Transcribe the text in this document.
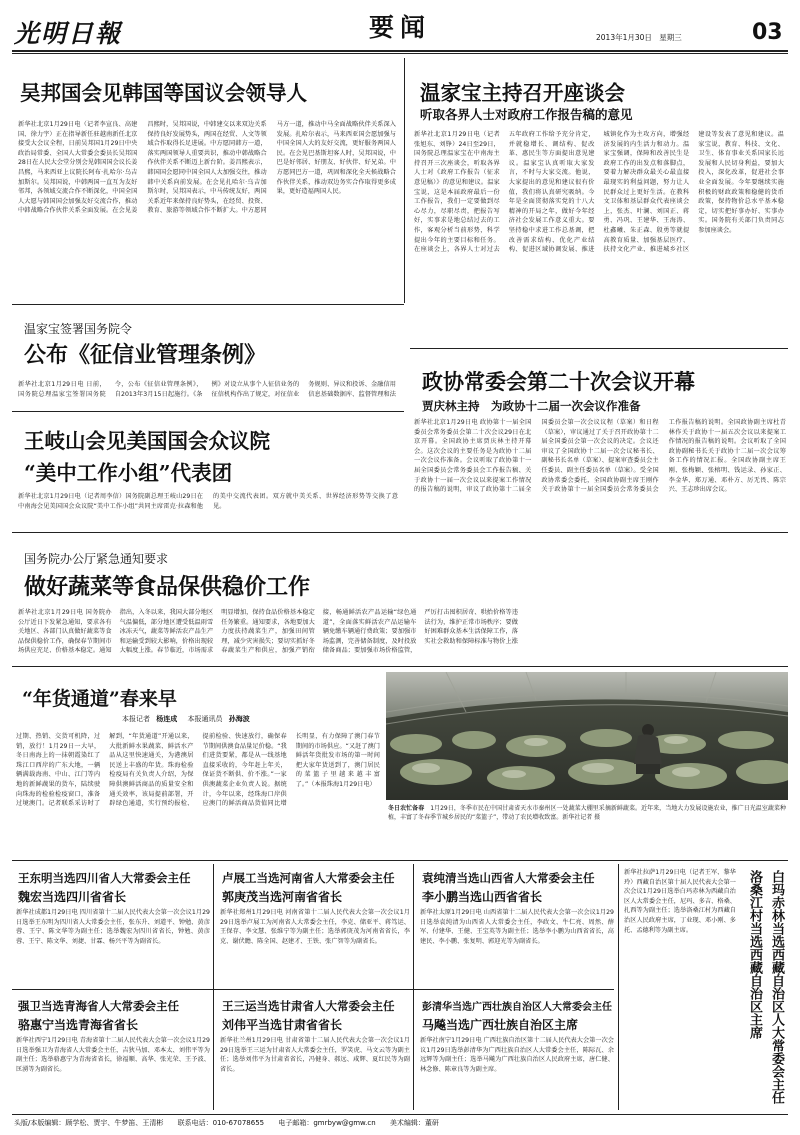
光明日報	要闻	2013年1月30日 星期三	03
吴邦国会见韩国等国议会领导人
新华社北京1月29日电（记者李宣良、高建国、徐力宇）正在指导新任驻越南新任北京接受大会议全程，日前吴邦国1月29日中央政治局常委、全国人大常委会委员长吴邦国28日在人民大会堂分别会见韩国国会议长姜昌熙，马来西亚上议院长阿布·扎哈尔·乌吉加斯尔。吴邦国说，中韩两国一直互为友好邻邦，各领域交流合作不断深化，中国全国人大愿与韩国国会加强友好交流合作，推动中韩战略合作伙伴关系全面发展。在会见姜昌熙时，吴邦国说，中韩建交以来双边关系保持良好发展势头，两国在经贸、人文等领域合作取得长足进展。中方愿同韩方一道，落实两国领导人重要共识，推动中韩战略合作伙伴关系不断迈上新台阶。姜昌熙表示，韩国国会愿同中国全国人大加强交往，推动韩中关系向前发展。在会见扎哈尔·乌吉加斯尔时，吴邦国表示，中马传统友好，两国关系近年来保持良好势头，在经贸、投资、教育、旅游等领域合作不断扩大。中方愿同马方一道，推动中马全面战略伙伴关系深入发展。扎哈尔表示，马来西亚国会愿加强与中国全国人大的友好交流，更好服务两国人民。在会见巴基斯坦客人时，吴邦国说，中巴是好邻居、好朋友、好伙伴、好兄弟。中方愿同巴方一道，巩固和深化全天候战略合作伙伴关系，推动双边务实合作取得更多成果，更好造福两国人民。
温家宝主持召开座谈会
听取各界人士对政府工作报告稿的意见
新华社北京1月29日电（记者张旭东、刘铮）24日至29日，国务院总理温家宝在中南海主持召开三次座谈会，听取各界人士对《政府工作报告（征求意见稿）》的意见和建议。温家宝说，这是本届政府最后一份工作报告，我们一定要做到尽心尽力，尽职尽责，把报告写好，实事求是地总结过去的工作，客观分析当前形势，科学提出今年的主要目标和任务。在座谈会上，各界人士对过去五年政府工作给予充分肯定，并就稳增长、调结构、促改革、惠民生等方面提出意见建议。温家宝认真听取大家发言，不时与大家交流。他说，大家提出的意见和建议很有价值，我们将认真研究吸纳。今年是全面贯彻落实党的十八大精神的开局之年，做好今年经济社会发展工作意义重大。要坚持稳中求进工作总基调，把改善需求结构、优化产业结构、促进区域协调发展、推进城镇化作为主攻方向，增强经济发展的内生活力和动力。温家宝强调，保障和改善民生是政府工作的出发点和落脚点，要着力解决群众最关心最直接最现实的利益问题，努力让人民群众过上更好生活。在教科文卫体和基层群众代表座谈会上，张杰、叶澜、刘国正、蒋勇、冯巩、王建华、王海涛、杜鑫曦、朱正森、殷勇等就提高教育质量、加强基层医疗、扶持文化产业、推进城乡社区建设等发表了意见和建议。温家宝说，教育、科技、文化、卫生、体育事业关系国家长远发展和人民切身利益，要加大投入，深化改革，促进社会事业全面发展。今年要继续实施积极的财政政策和稳健的货币政策，保持物价总水平基本稳定，切实把好事办好、实事办实。国务院有关部门负责同志参加座谈会。
温家宝签署国务院令
公布《征信业管理条例》
新华社北京1月29日电 日前，国务院总理温家宝签署国务院令，公布《征信业管理条例》，自2013年3月15日起施行。《条例》对设立从事个人征信业务的征信机构作出了规定，对征信业务规则、异议和投诉、金融信用信息基础数据库、监督管理和法
政协常委会第二十次会议开幕
贾庆林主持　为政协十二届一次会议作准备
王岐山会见美国国会众议院
“美中工作小组”代表团
新华社北京1月29日电（记者周李信）国务院副总理王岐山29日在中南海会见美国国会众议院“美中工作小组”共同主席雷克·拉森和他的美中交流代表团。双方就中美关系、世界经济形势等交换了意见。
新华社北京1月29日电 政协第十一届全国委员会常务委员会第二十次会议29日在北京开幕。全国政协主席贾庆林主持开幕会。这次会议的主要任务是为政协十二届一次会议作准备。会议听取了政协第十一届全国委员会常务委员会工作报告稿、关于政协十一届一次会议以来提案工作情况的报告稿的说明，审议了政协第十二届全国委员会第一次会议议程（草案）和日程（草案），审议通过了关于召开政协第十二届全国委员会第一次会议的决定。会议还审议了全国政协十二届一次会议秘书长、副秘书长名单（草案）、提案审查委员会主任委员、副主任委员名单（草案）。受全国政协常委会委托，全国政协副主席王刚作关于政协第十一届全国委员会常务委员会工作报告稿的说明。全国政协副主席杜青林作关于政协十一届五次会议以来提案工作情况的报告稿的说明。会议听取了全国政协副秘书长关于政协十二届一次会议筹备工作的情况汇报。全国政协副主席王刚、张梅颖、张榕明、钱运录、孙家正、李金华、郑万通、邓朴方、厉无畏、陈宗兴、王志珍出席会议。
国务院办公厅紧急通知要求
做好蔬菜等食品保供稳价工作
新华社北京1月29日电 国务院办公厅近日下发紧急通知，要求各有关地区、各部门认真做好蔬菜等食品保供稳价工作，确保春节期间市场供应充足、价格基本稳定。通知指出，入冬以来，我国大部分地区气温偏低，部分地区遭受低温雨雪冰冻天气，蔬菜等鲜活农产品生产和运输受到较大影响，价格出现较大幅度上涨。春节临近，市场需求明显增加，保持食品价格基本稳定任务繁重。通知要求，各地要加大力度扶持蔬菜生产，加强田间管理，减少灾害损失；要切实抓好冬春蔬菜生产和供应，加强产销衔接，畅通鲜活农产品运输“绿色通道”，全面落实鲜活农产品运输车辆免缴车辆通行费政策；要加强市场监测，完善储备制度，及时投放储备商品；要加强市场价格监管，严厉打击囤积居奇、哄抬价格等违法行为，维护正常市场秩序；要做好困难群众基本生活保障工作，落实社会救助和保障标准与物价上涨
“年货通道”春来早
本报记者 杨连成 本报通讯员 孙海波
过期、热销、交货可机降，过销，放行！1月29日一大早，冬日南海上的一抹朝霞染红了珠江口西岸的广东大地，一辆辆满载海南、中山、江门等内地的新鲜蔬果的货车，陆续驶向珠海的检验检疫窗口，准备过境澳门。记者联系采访时了解到，“年货通道”开通以来，大批新鲜水果蔬菜、鲜活水产品从这里快速通关，为港澳居民送上丰盛的年货。珠海检验检疫局有关负责人介绍，为保障供澳鲜活商品的质量安全和通关效率，该局提前部署，开辟绿色通道，实行预约报检、提前检验、快速放行，确保春节期间供澳食品量足价稳。“我们进货要紧，都是从一线基地直接采收的，今年赶上年关，保证货不断供、价不涨。”一家供澳蔬菜企业负责人说。据统计，今年以来，经珠海口岸供应澳门的鲜活商品货值同比增长明显，有力保障了澳门春节期间的市场供应。“又赶了澳门鲜活年货批发市场的第一时间把大家年货送到了，澳门居民的菜篮子里越来越丰富了。”（本报珠海1月29日电）
冬日农忙备春 1月29日，冬季市民在中国甘肃省天水市秦州区一处蔬菜大棚里采摘新鲜蔬菜。近年来，当地大力发展设施农业，推广日光温室蔬菜种植，丰富了冬春季节城乡居民的“菜篮子”，带动了农民增收致富。新华社记者 摄
王东明当选四川省人大常委会主任
魏宏当选四川省省长
新华社成都1月29日电 四川省第十二届人民代表大会第一次会议1月29日选举王东明为四川省人大常委会主任，张东升、刘道平、钟勉、黄彦蓉、王宁、陈文华等为副主任；选举魏宏为四川省省长，钟勉、黄彦蓉、王宁、陈文华、刘捷、甘霖、杨兴平等为副省长。
卢展工当选河南省人大常委会主任
郭庚茂当选河南省省长
新华社郑州1月29日电 河南省第十二届人民代表大会第一次会议1月29日选举卢展工为河南省人大常委会主任，李克、储亚平、蒋笃运、王保存、李文慧、张维宁等为副主任；选举郭庚茂为河南省省长，李克、谢伏瞻、陈全国、赵建才、王铁、张广智等为副省长。
袁纯清当选山西省人大常委会主任
李小鹏当选山西省省长
新华社太原1月29日电 山西省第十二届人民代表大会第一次会议1月29日选举袁纯清为山西省人大常委会主任，李政文、牛仁亮、周然、薛军、付建华、王健、王宝英等为副主任；选举李小鹏为山西省省长，高建民、李小鹏、张复明、郭迎光等为副省长。
强卫当选青海省人大常委会主任
骆惠宁当选青海省省长
新华社西宁1月29日电 青海省第十二届人民代表大会第一次会议1月29日选举强卫为青海省人大常委会主任，吉狄马加、邓本太、刘伟平等为副主任；选举骆惠宁为青海省省长，徐福顺、高华、张光荣、王予波、匡湧等为副省长。
王三运当选甘肃省人大常委会主任
刘伟平当选甘肃省省长
新华社兰州1月29日电 甘肃省第十二届人民代表大会第一次会议1月29日选举王三运为甘肃省人大常委会主任，罗笑虎、马文云等为副主任；选举刘伟平为甘肃省省长，冯健身、郝远、咸辉、夏红民等为副省长。
彭清华当选广西壮族自治区人大常委会主任
马飚当选广西壮族自治区主席
新华社南宁1月29日电 广西壮族自治区第十二届人民代表大会第一次会议1月29日选举彭清华为广西壮族自治区人大常委会主任，陈际瓦、余远辉等为副主任；选举马飚为广西壮族自治区人民政府主席，唐仁健、林念修、陈章良等为副主席。
新华社拉萨1月29日电（记者王军、黎华玲）西藏自治区第十届人民代表大会第一次会议1月29日选举白玛赤林为西藏自治区人大常委会主任，尼玛、多吉、格桑、扎西等为副主任；选举洛桑江村为西藏自治区人民政府主席，丁业现、邓小刚、多托、孟德利等为副主席。	白玛赤林当选西藏自治区人大常委会主任
洛桑江村当选西藏自治区主席
头版/本版编辑：顾学松、贾宇、牛梦笛、王清彬 联系电话：010-67078655 电子邮箱：gmrbyw@gmw.cn 美术编辑：董研
